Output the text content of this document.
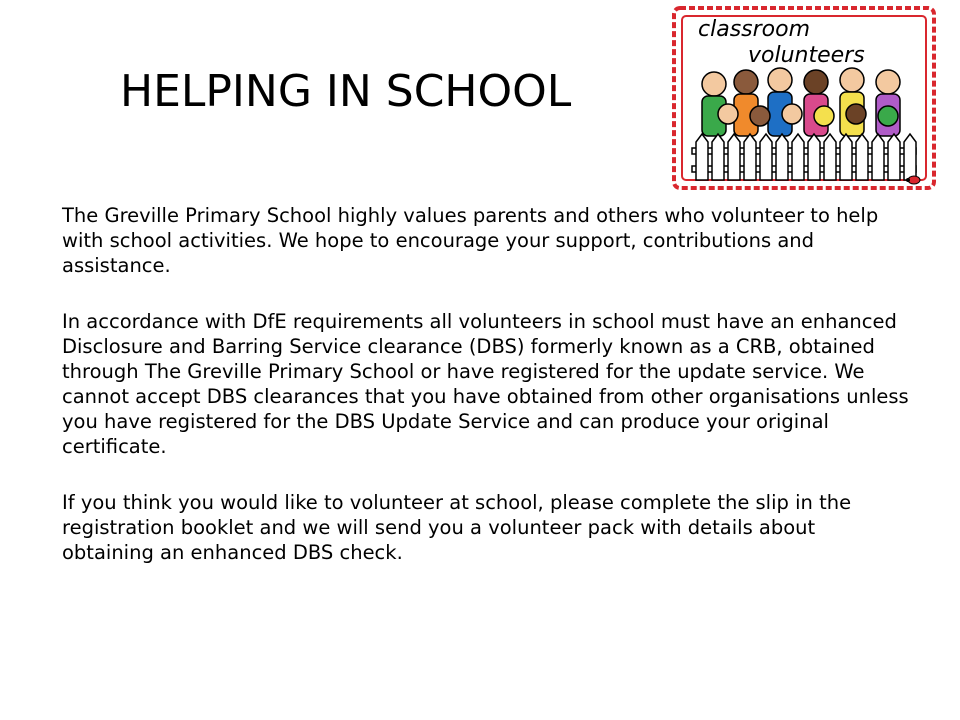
HELPING IN SCHOOL

The Greville Primary School highly values parents and others who volunteer to help with school activities. We hope to encourage your support, contributions and assistance.

In accordance with DfE requirements all volunteers in school must have an enhanced Disclosure and Barring Service clearance (DBS) formerly known as a CRB, obtained through The Greville Primary School or have registered for the update service. We cannot accept DBS clearances that you have obtained from other organisations unless you have registered for the DBS Update Service and can produce your original certificate.

If you think you would like to volunteer at school, please complete the slip in the registration booklet and we will send you a volunteer pack with details about obtaining an enhanced DBS check.

classroom
volunteers
